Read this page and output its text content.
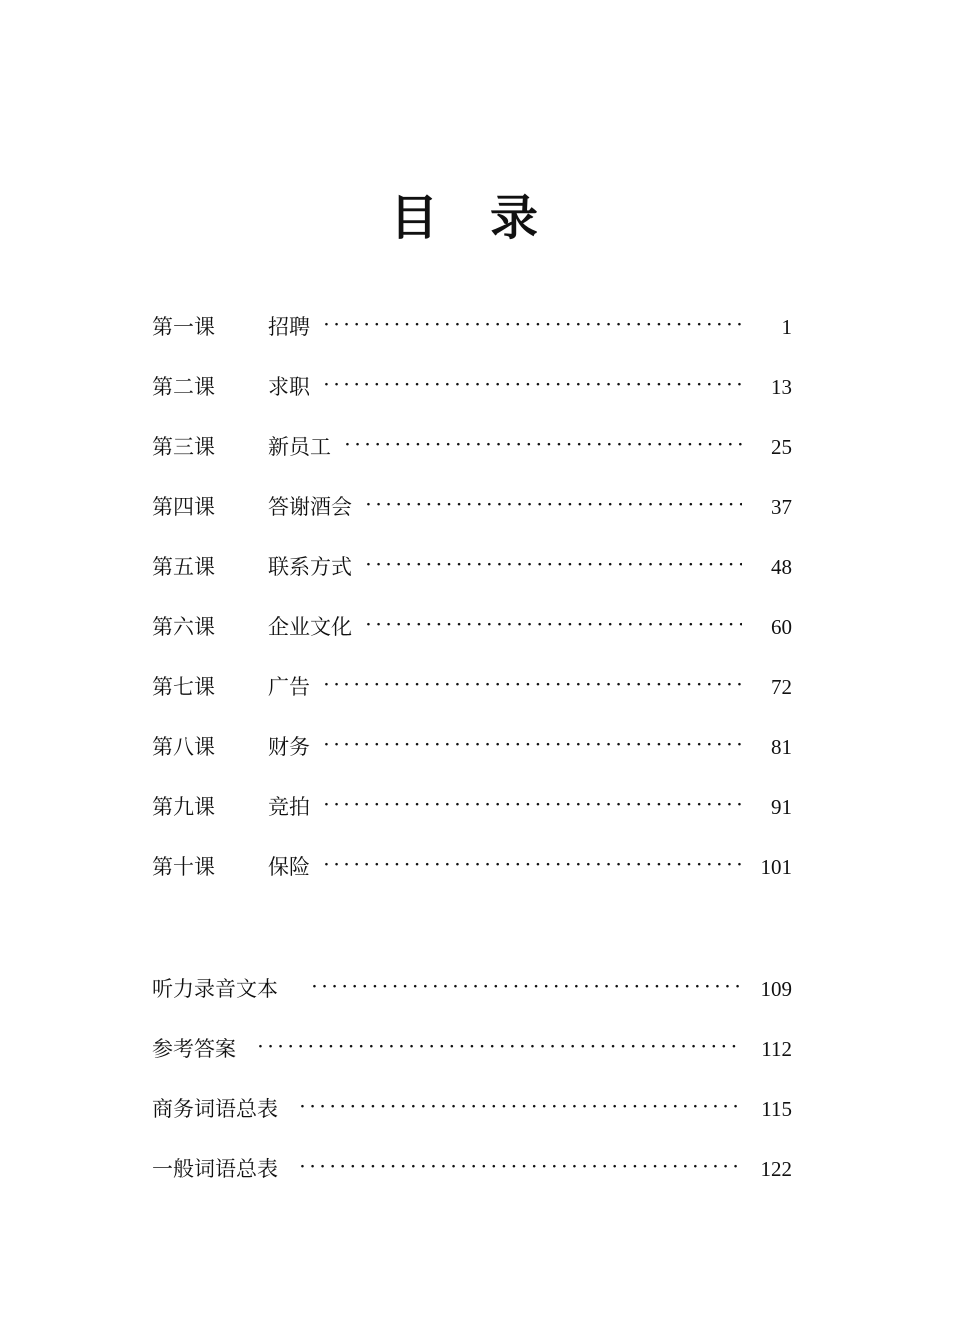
目录
第一课	招聘 ·····	1
第二课	求职 ·····	13
第三课	新员工 ·····	25
第四课	答谢酒会 ·····	37
第五课	联系方式 ·····	48
第六课	企业文化 ·····	60
第七课	广告 ·····	72
第八课	财务 ·····	81
第九课	竞拍 ·····	91
第十课	保险 ·····	101
听力录音文本 ·····	109
参考答案 ·····	112
商务词语总表 ·····	115
一般词语总表 ·····	122
